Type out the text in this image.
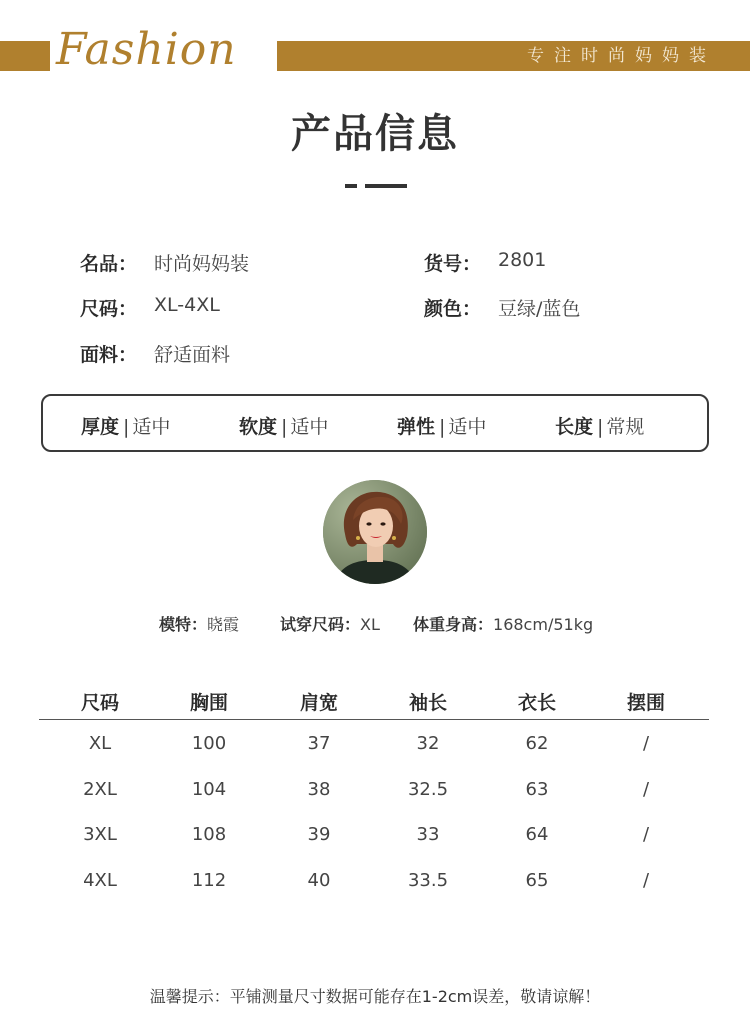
Fashion	专注时尚妈妈装
产品信息
名品： 时尚妈妈装	货号： 2801
尺码： XL-4XL	颜色： 豆绿/蓝色
面料： 舒适面料
厚度 | 适中	软度 | 适中	弹性 | 适中	长度 | 常规
模特：晓霞	试穿尺码：XL 体重身高：168cm/51kg
尺码	胸围	肩宽	袖长	衣长	摆围
XL	100	37	32	62	/
2XL	104	38	32.5	63	/
3XL	108	39	33	64	/
4XL	112	40	33.5	65	/
温馨提示：平铺测量尺寸数据可能存在1-2cm误差，敬请谅解！
